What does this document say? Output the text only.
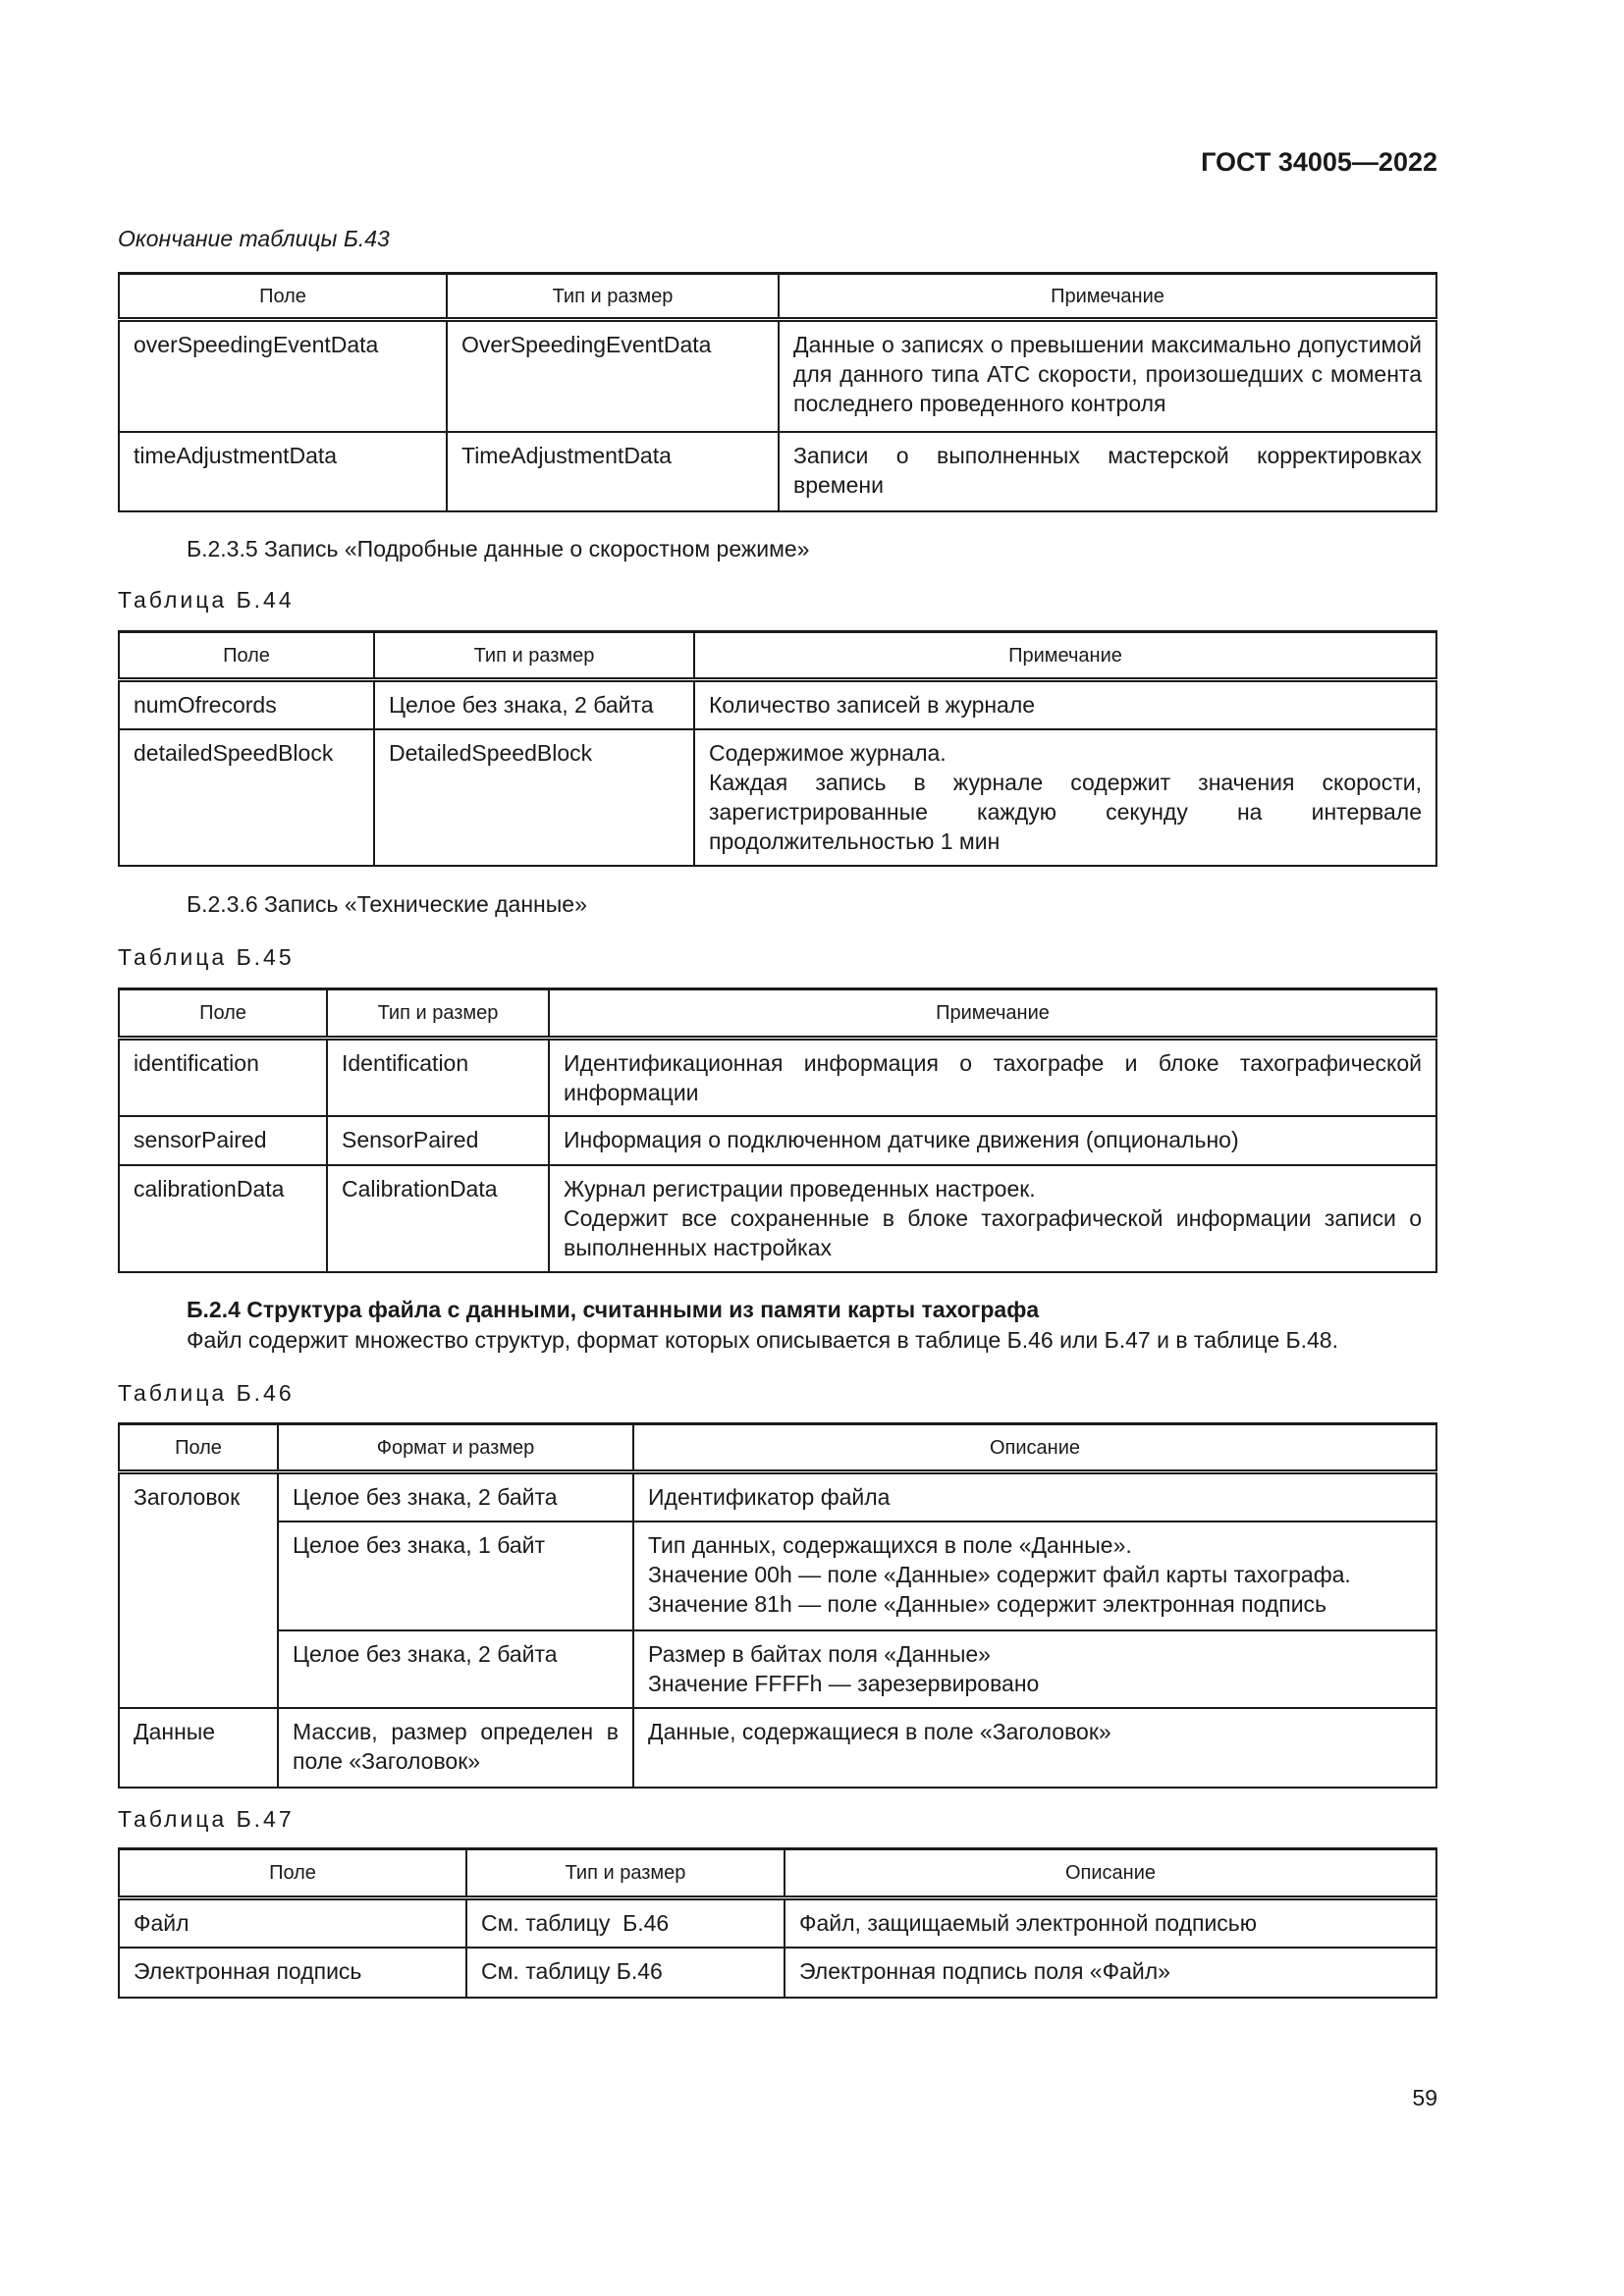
ГОСТ 34005—2022
Окончание таблицы Б.43
Поле	Тип и размер	Примечание
overSpeedingEventData	OverSpeedingEventData	Данные о записях о превышении максимально допустимой для данного типа АТС скорости, произошедших с момента последнего проведенного контроля
timeAdjustmentData	TimeAdjustmentData	Записи о выполненных мастерской корректировках времени
Б.2.3.5 Запись «Подробные данные о скоростном режиме»
Таблица Б.44
Поле	Тип и размер	Примечание
numOfrecords	Целое без знака, 2 байта	Количество записей в журнале
detailedSpeedBlock	DetailedSpeedBlock	Содержимое журнала.
Каждая запись в журнале содержит значения скорости, зарегистрированные каждую секунду на интервале продолжительностью 1 мин
Б.2.3.6 Запись «Технические данные»
Таблица Б.45
Поле	Тип и размер	Примечание
identification	Identification	Идентификационная информация о тахографе и блоке тахографической информации
sensorPaired	SensorPaired	Информация о подключенном датчике движения (опционально)
calibrationData	CalibrationData	Журнал регистрации проведенных настроек.
Содержит все сохраненные в блоке тахографической информации записи о выполненных настройках
Б.2.4 Структура файла с данными, считанными из памяти карты тахографа
Файл содержит множество структур, формат которых описывается в таблице Б.46 или Б.47 и в таблице Б.48.
Таблица Б.46
Поле	Формат и размер	Описание
Заголовок	Целое без знака, 2 байта	Идентификатор файла
	Целое без знака, 1 байт	Тип данных, содержащихся в поле «Данные».
Значение 00h — поле «Данные» содержит файл карты тахографа.
Значение 81h — поле «Данные» содержит электронная подпись

	Целое без знака, 2 байта	Размер в байтах поля «Данные»
Значение FFFFh — зарезервировано

Данные	Массив, размер определен в поле «Заголовок»	Данные, содержащиеся в поле «Заголовок»
Таблица Б.47
Поле	Тип и размер	Описание
Файл	См. таблицу  Б.46	Файл, защищаемый электронной подписью
Электронная подпись	См. таблицу Б.46	Электронная подпись поля «Файл»
59
